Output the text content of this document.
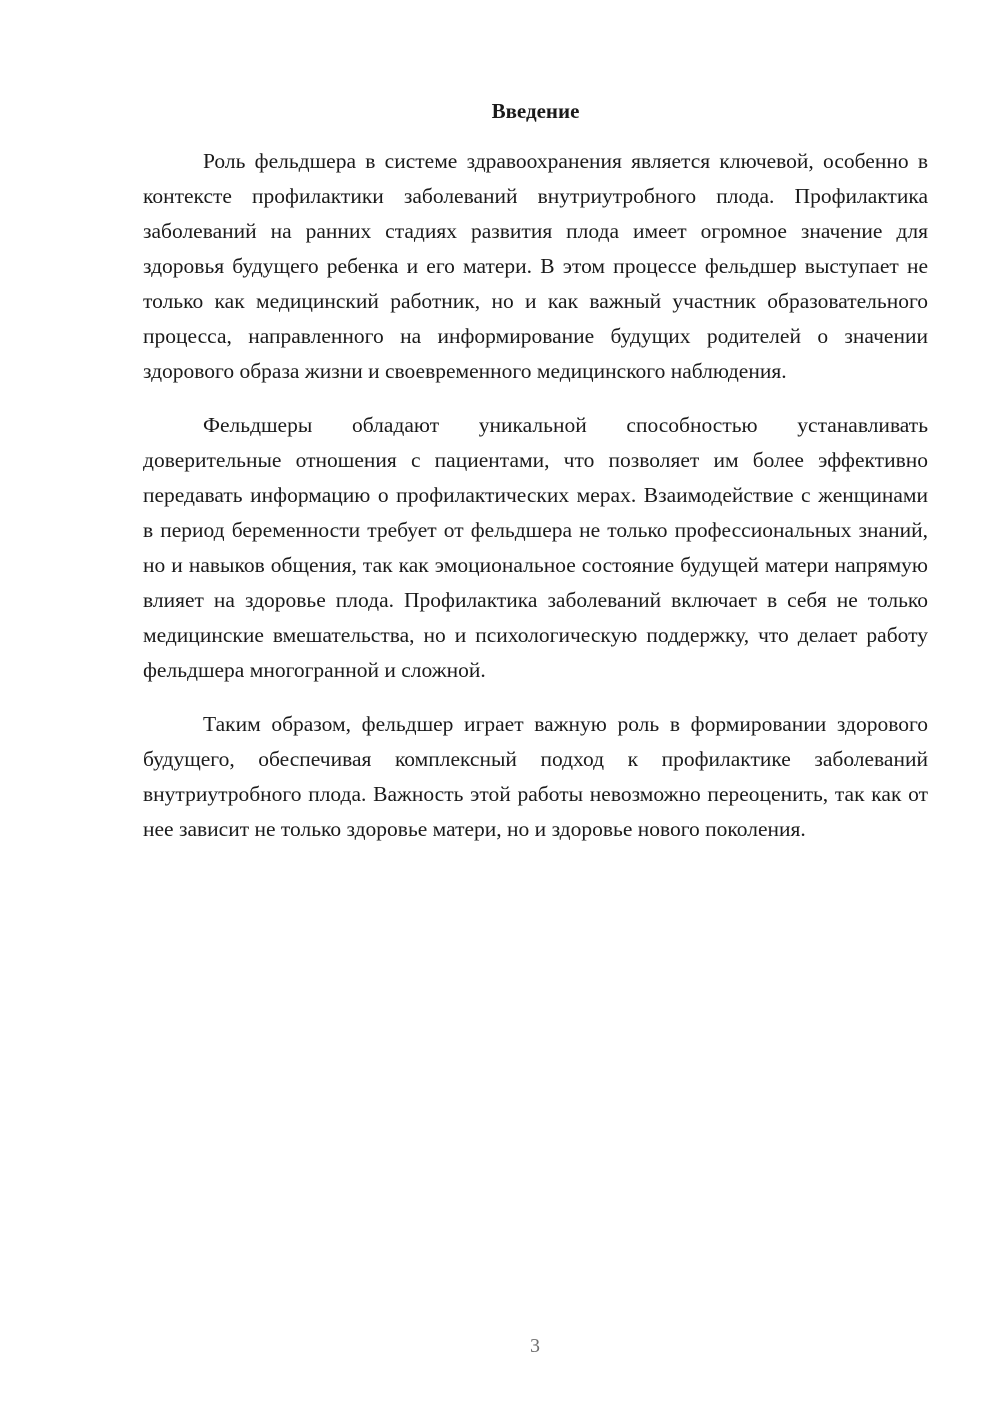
Введение

Роль фельдшера в системе здравоохранения является ключевой, особенно в контексте профилактики заболеваний внутриутробного плода. Профилактика заболеваний на ранних стадиях развития плода имеет огромное значение для здоровья будущего ребенка и его матери. В этом процессе фельдшер выступает не только как медицинский работник, но и как важный участник образовательного процесса, направленного на информирование будущих родителей о значении здорового образа жизни и своевременного медицинского наблюдения.

Фельдшеры обладают уникальной способностью устанавливать доверительные отношения с пациентами, что позволяет им более эффективно передавать информацию о профилактических мерах. Взаимодействие с женщинами в период беременности требует от фельдшера не только профессиональных знаний, но и навыков общения, так как эмоциональное состояние будущей матери напрямую влияет на здоровье плода. Профилактика заболеваний включает в себя не только медицинские вмешательства, но и психологическую поддержку, что делает работу фельдшера многогранной и сложной.

Таким образом, фельдшер играет важную роль в формировании здорового будущего, обеспечивая комплексный подход к профилактике заболеваний внутриутробного плода. Важность этой работы невозможно переоценить, так как от нее зависит не только здоровье матери, но и здоровье нового поколения.

3
